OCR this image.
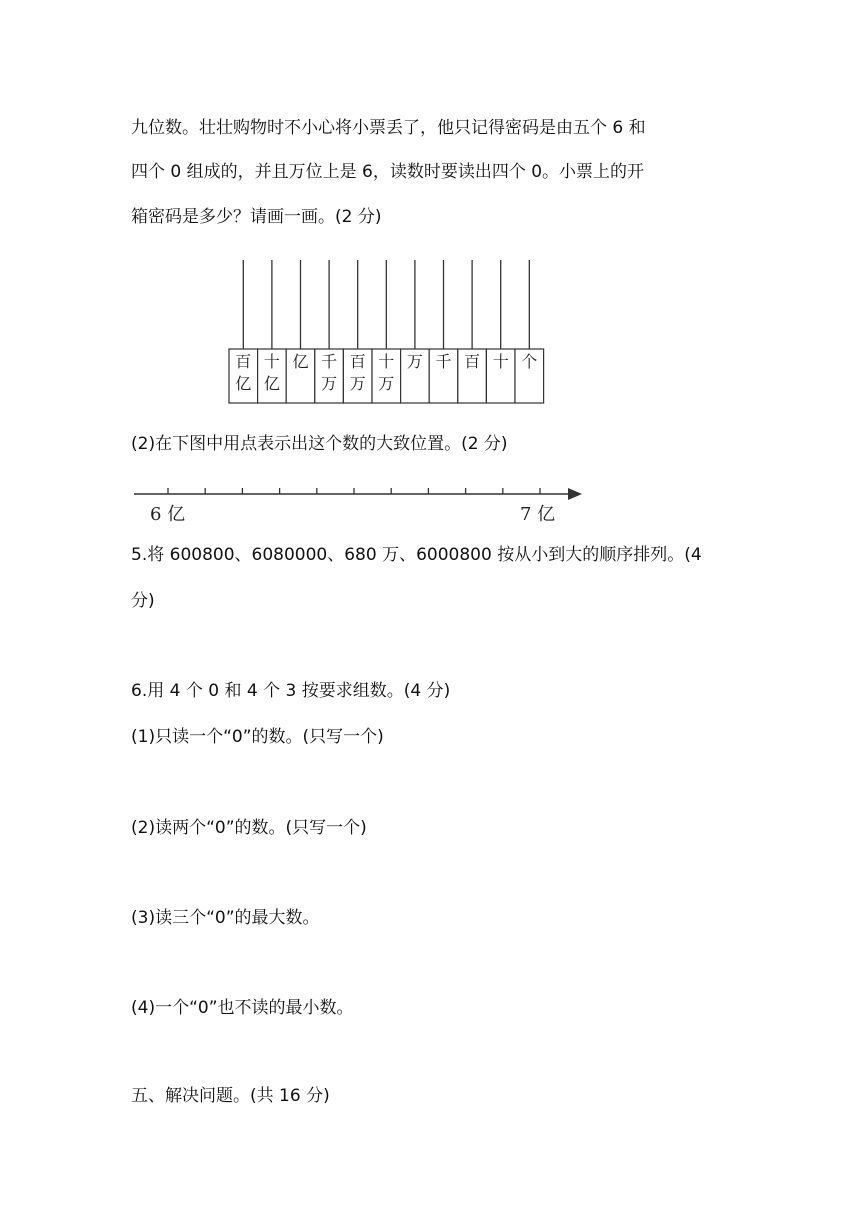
九位数。壮壮购物时不小心将小票丢了，他只记得密码是由五个 6 和
四个 0 组成的，并且万位上是 6，读数时要读出四个 0。小票上的开
箱密码是多少？请画一画。(2 分)
百
亿
十
亿
亿 千
万
百
万
十
万
万 千 百 十 个
(2)在下图中用点表示出这个数的大致位置。(2 分)
6 亿	7 亿
5.将 600800、6080000、680 万、6000800 按从小到大的顺序排列。(4
分)
6.用 4 个 0 和 4 个 3 按要求组数。(4 分)
(1)只读一个“0”的数。(只写一个)
(2)读两个“0”的数。(只写一个)
(3)读三个“0”的最大数。
(4)一个“0”也不读的最小数。
五、解决问题。(共 16 分)
